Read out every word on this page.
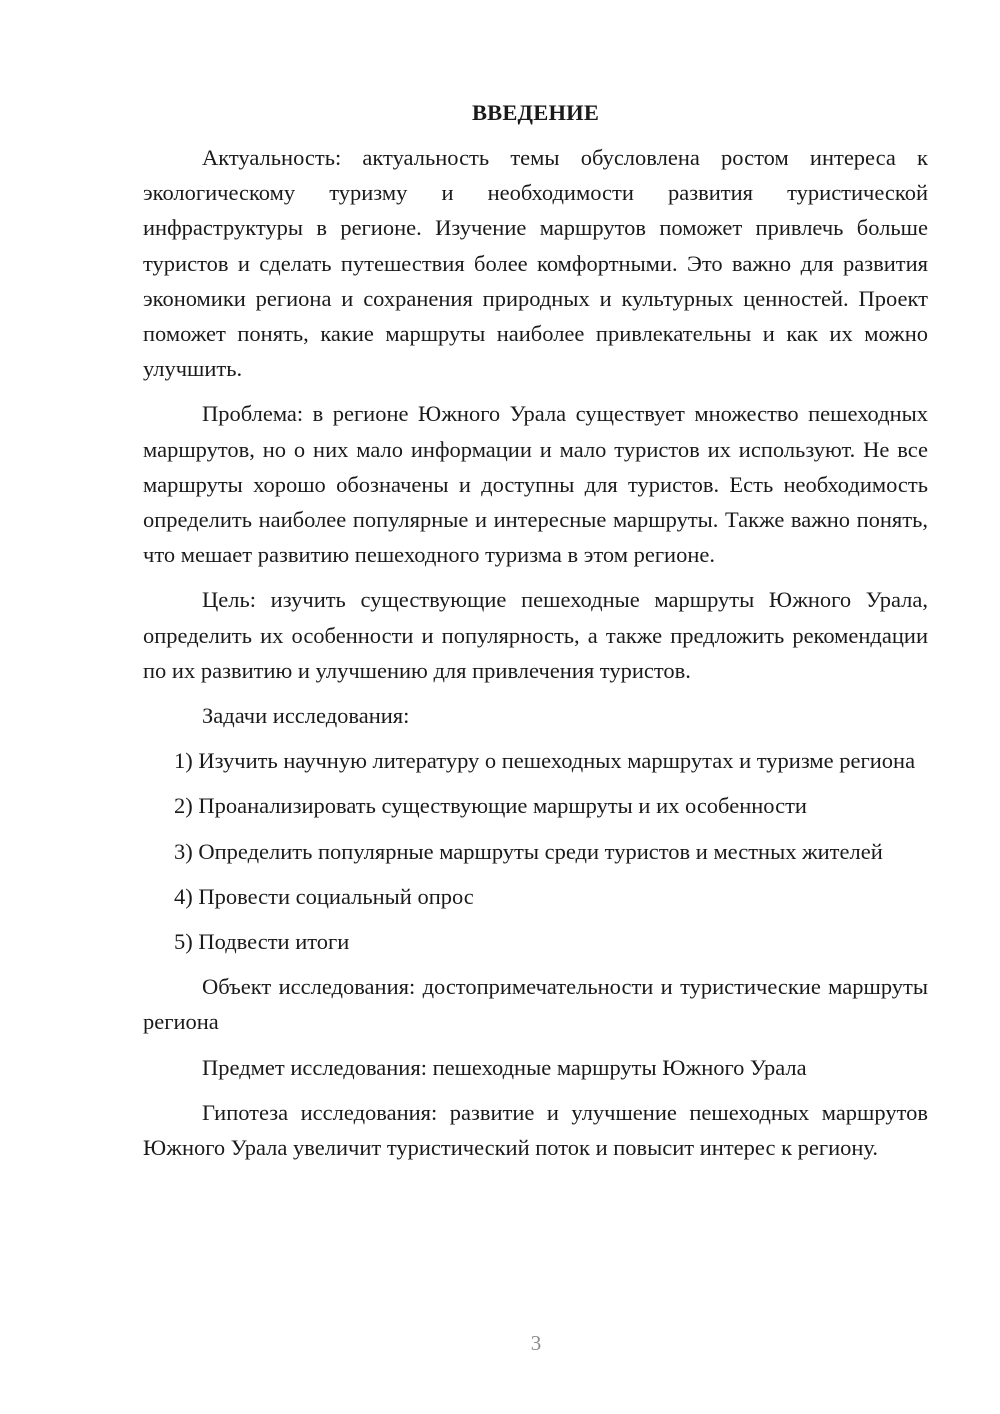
ВВЕДЕНИЕ

Актуальность: актуальность темы обусловлена ростом интереса к экологическому туризму и необходимости развития туристической инфраструктуры в регионе. Изучение маршрутов поможет привлечь больше туристов и сделать путешествия более комфортными. Это важно для развития экономики региона и сохранения природных и культурных ценностей. Проект поможет понять, какие маршруты наиболее привлекательны и как их можно улучшить.

Проблема: в регионе Южного Урала существует множество пешеходных маршрутов, но о них мало информации и мало туристов их используют. Не все маршруты хорошо обозначены и доступны для туристов. Есть необходимость определить наиболее популярные и интересные маршруты. Также важно понять, что мешает развитию пешеходного туризма в этом регионе.

Цель: изучить существующие пешеходные маршруты Южного Урала, определить их особенности и популярность, а также предложить рекомендации по их развитию и улучшению для привлечения туристов.

Задачи исследования:

1) Изучить научную литературу о пешеходных маршрутах и туризме региона

2) Проанализировать существующие маршруты и их особенности

3) Определить популярные маршруты среди туристов и местных жителей

4) Провести социальный опрос

5) Подвести итоги

Объект исследования: достопримечательности и туристические маршруты региона

Предмет исследования: пешеходные маршруты Южного Урала

Гипотеза исследования: развитие и улучшение пешеходных маршрутов Южного Урала увеличит туристический поток и повысит интерес к региону.

3
